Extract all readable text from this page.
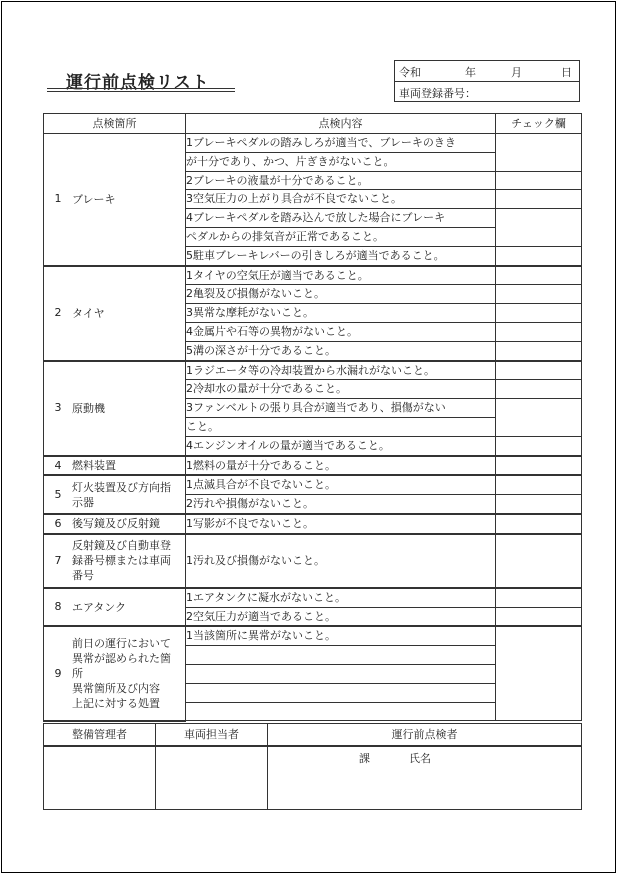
運行前点検リスト
令和	年	月	日
車両登録番号：
点検箇所	点検内容	チェック欄

1 ブレーキ	1ブレーキペダルの踏みしろが適当で、ブレーキのきき	
	が十分であり、かつ、片ぎきがないこと。	
	2ブレーキの液量が十分であること。	
	3空気圧力の上がり具合が不良でないこと。	
	4ブレーキペダルを踏み込んで放した場合にブレーキ	
	ペダルからの排気音が正常であること。	
	5駐車ブレーキレバーの引きしろが適当であること。	

2 タイヤ	1タイヤの空気圧が適当であること。	
	2亀裂及び損傷がないこと。	
	3異常な摩耗がないこと。	
	4金属片や石等の異物がないこと。	
	5溝の深さが十分であること。	

3 原動機	1ラジエータ等の冷却装置から水漏れがないこと。	
	2冷却水の量が十分であること。	
	3ファンベルトの張り具合が適当であり、損傷がない	
	こと。	
	4エンジンオイルの量が適当であること。	

4 燃料装置	1燃料の量が十分であること。	

5
灯火装置及び方向指示器	1点滅具合が不良でないこと。	
	2汚れや損傷がないこと。	

6 後写鏡及び反射鏡	1写影が不良でないこと。	

7
反射鏡及び自動車登録番号標または車両番号	1汚れ及び損傷がないこと。	

8 エアタンク	1エアタンクに凝水がないこと。	
	2空気圧力が適当であること。	

9
前日の運行において異常が認められた箇所
異常箇所及び内容
上記に対する処置	1当該箇所に異常がないこと。	

整備管理者	車両担当者	運行前点検者

		課 氏名
